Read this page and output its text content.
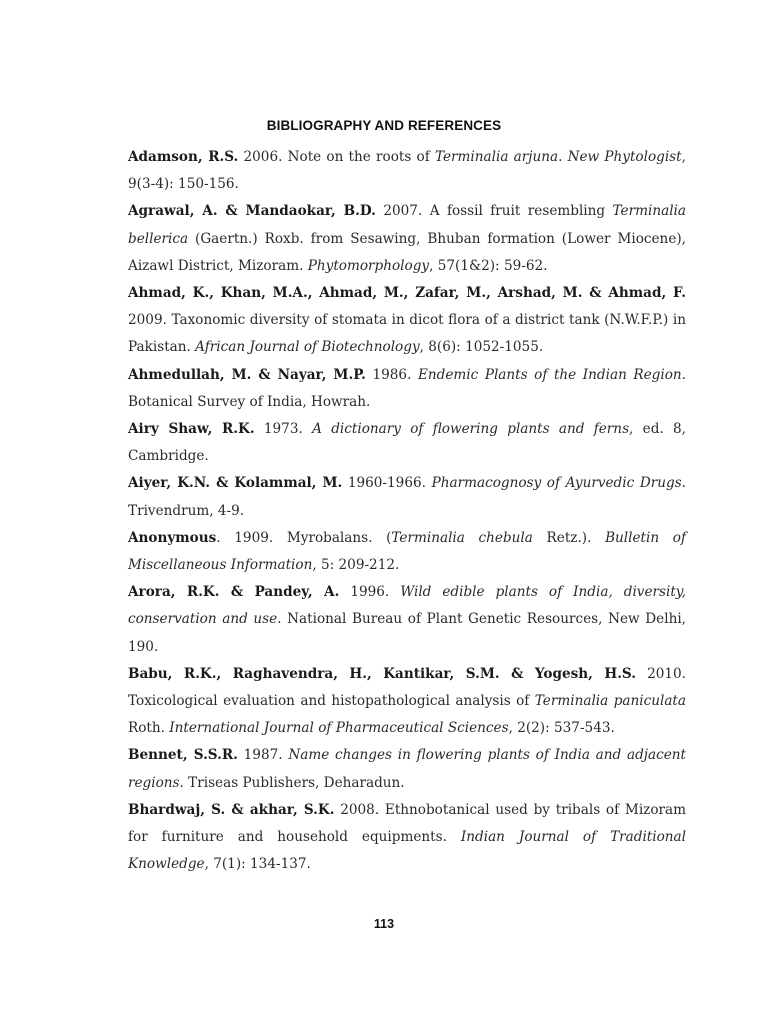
BIBLIOGRAPHY AND REFERENCES

Adamson, R.S. 2006. Note on the roots of Terminalia arjuna. New Phytologist, 9(3-4): 150-156.

Agrawal, A. & Mandaokar, B.D. 2007. A fossil fruit resembling Terminalia bellerica (Gaertn.) Roxb. from Sesawing, Bhuban formation (Lower Miocene), Aizawl District, Mizoram. Phytomorphology, 57(1&2): 59-62.

Ahmad, K., Khan, M.A., Ahmad, M., Zafar, M., Arshad, M. & Ahmad, F. 2009. Taxonomic diversity of stomata in dicot flora of a district tank (N.W.F.P.) in Pakistan. African Journal of Biotechnology, 8(6): 1052-1055.

Ahmedullah, M. & Nayar, M.P. 1986. Endemic Plants of the Indian Region. Botanical Survey of India, Howrah.

Airy Shaw, R.K. 1973. A dictionary of flowering plants and ferns, ed. 8, Cambridge.

Aiyer, K.N. & Kolammal, M. 1960-1966. Pharmacognosy of Ayurvedic Drugs. Trivendrum, 4-9.

Anonymous. 1909. Myrobalans. (Terminalia chebula Retz.). Bulletin of Miscellaneous Information, 5: 209-212.

Arora, R.K. & Pandey, A. 1996. Wild edible plants of India, diversity, conservation and use. National Bureau of Plant Genetic Resources, New Delhi, 190.

Babu, R.K., Raghavendra, H., Kantikar, S.M. & Yogesh, H.S. 2010. Toxicological evaluation and histopathological analysis of Terminalia paniculata Roth. International Journal of Pharmaceutical Sciences, 2(2): 537-543.

Bennet, S.S.R. 1987. Name changes in flowering plants of India and adjacent regions. Triseas Publishers, Deharadun.

Bhardwaj, S. & akhar, S.K. 2008. Ethnobotanical used by tribals of Mizoram for furniture and household equipments. Indian Journal of Traditional Knowledge, 7(1): 134-137.

113
